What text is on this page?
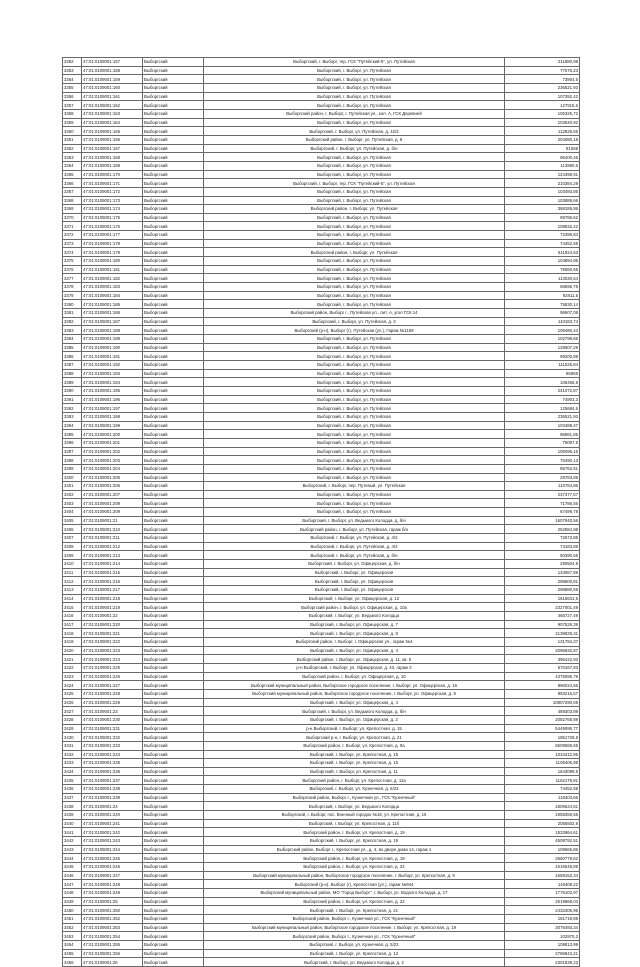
3352	47:01:0109001:157	Выборгский	Выборгский, г. Выборг, тер. ГСК "Путейский-5", ул. Путейская	211880,98
3353	47:01:0109001:158	Выборгский	Выборгский, г. Выборг, ул. Путейская	77575,23
3354	47:01:0109001:159	Выборгский	Выборгский, г. Выборг, ул. Путейская	73904,5
3355	47:01:0109001:160	Выборгский	Выборгский, г. Выборг, ул. Путейская	236521,93
3356	47:01:0109001:161	Выборгский	Выборгский, г. Выборг, ул. Путейская	107392,42
3357	47:01:0109001:162	Выборгский	Выборгский, г. Выборг, ул. Путейская	127915,6
3358	47:01:0109001:163	Выборгский	Выборгский район, г. Выборг, г. Путейская ул., кол. А, ГСК Деревней	105325,72
3359	47:01:0109001:164	Выборгский	Выборгский, г. Выборг, ул. Путейская	103540,92
3360	47:01:0109001:165	Выборгский	Выборгский, г. Выборг, ул. Путейская, д. 42/2	112829,56
3361	47:01:0109001:166	Выборгский	Выборгский район, г. Выборг, ул. Путейская, д. 8	204080,18
3362	47:01:0109001:167	Выборгский	Выборгский, г. Выборг, ул. Путейская, д. б/н	81558
3363	47:01:0109001:168	Выборгский	Выборгский, г. Выборг, ул. Путейская	96400,46
3364	47:01:0109001:169	Выборгский	Выборгский, г. Выборг, ул. Путейская	113980,6
3365	47:01:0109001:170	Выборгский	Выборгский, г. Выборг, ул. Путейская	124498,91
3366	47:01:0109001:171	Выборгский	Выборгский, г. Выборг, тер. ГСК "Путейский-5", ул. Путейская	210384,29
3367	47:01:0109001:172	Выборгский	Выборгский, г. Выборг, ул. Путейская	103493,85
3368	47:01:0109001:173	Выборгский	Выборгский, г. Выборг, ул. Путейская	103889,66
3369	47:01:0109001:174	Выборгский	Выборгский район, г. Выборг, ул. Путейская	368185,86
3370	47:01:0109001:175	Выборгский	Выборгский, г. Выборг, ул. Путейская	99786,52
3371	47:01:0109001:176	Выборгский	Выборгский, г. Выборг, ул. Путейская	108832,42
3372	47:01:0109001:177	Выборгский	Выборгский, г. Выборг, ул. Путейская	72399,84
3373	47:01:0109001:178	Выборгский	Выборгский, г. Выборг, ул. Путейская	74452,58
3374	47:01:0109001:179	Выборгский	Выборгский район, г. Выборг, ул. Путейская	611924,53
3375	47:01:0109001:180	Выборгский	Выборгский, г. Выборг, ул. Путейская	104894,95
3376	47:01:0109001:181	Выборгский	Выборгский, г. Выборг, ул. Путейская	79060,65
3377	47:01:0109001:182	Выборгский	Выборгский, г. Выборг, ул. Путейская	113030,64
3378	47:01:0109001:183	Выборгский	Выборгский, г. Выборг, ул. Путейская	68696,78
3379	47:01:0109001:184	Выборгский	Выборгский, г. Выборг, ул. Путейская	92811,5
3380	47:01:0109001:185	Выборгский	Выборгский, г. Выборг, ул. Путейская	75830,14
3381	47:01:0109001:186	Выборгский	Выборгский район, Выборг г., Путейская ул., лит. А, угол ГСК 14	98607,08
3382	47:01:0109001:187	Выборгский	Выборгский, г. Выборг, ул. Путейская, д. 3	110183,74
3383	47:01:0109001:188	Выборгский	Выборгский (р-н), Выборг (г), Путейская (ул.), Гараж №1169	109480,44
3384	47:01:0109001:189	Выборгский	Выборгский, г. Выборг, ул. Путейская	102799,66
3385	47:01:0109001:190	Выборгский	Выборгский, г. Выборг, ул. Путейская	128507,29
3386	47:01:0109001:191	Выборгский	Выборгский, г. Выборг, ул. Путейская	99200,89
3387	47:01:0109001:192	Выборгский	Выборгский, г. Выборг, ул. Путейская	111525,84
3388	47:01:0109001:193	Выборгский	Выборгский, г. Выборг, ул. Путейская	85968
3389	47:01:0109001:194	Выборгский	Выборгский, г. Выборг, ул. Путейская	106456,8
3390	47:01:0109001:195	Выборгский	Выборгский, г. Выборг, ул. Путейская	241072,87
3391	47:01:0109001:196	Выборгский	Выборгский, г. Выборг, ул. Путейская	74903,3
3392	47:01:0109001:197	Выборгский	Выборгский, г. Выборг, ул. Путейская	125684,6
3393	47:01:0109001:198	Выборгский	Выборгский, г. Выборг, ул. Путейская	236521,93
3394	47:01:0109001:199	Выборгский	Выборгский, г. Выборг, ул. Путейская	103488,47
3395	47:01:0109001:200	Выборгский	Выборгский, г. Выборг, ул. Путейская	96981,85
3396	47:01:0109001:201	Выборгский	Выборгский, г. Выборг, ул. Путейская	79097,9
3397	47:01:0109001:202	Выборгский	Выборгский, г. Выборг, ул. Путейская	106096,16
3398	47:01:0109001:203	Выборгский	Выборгский, г. Выборг, ул. Путейская	75490,13
3399	47:01:0109001:204	Выборгский	Выборгский, г. Выборг, ул. Путейская	86762,61
3400	47:01:0109001:205	Выборгский	Выборгский, г. Выборг, ул. Путейская	29783,89
3401	47:01:0109001:206	Выборгский	Выборгский, г. Выборг, пер. Путевый, ул. Путейская	116764,86
3402	47:01:0109001:207	Выборгский	Выборгский, г. Выборг, ул. Путейская	237377,67
3403	47:01:0109001:208	Выборгский	Выборгский, г. Выборг, ул. Путейская	71786,56
3404	47:01:0109001:209	Выборгский	Выборгский, г. Выборг, ул. Путейская	67499,78
3405	47:01:0109001:21	Выборгский	Выборгский, г. Выборг, ул. Ведьмого Колодца, д. б/н	1607940,56
3406	47:01:0109001:210	Выборгский	Выборгский район, г. Выборг, ул. Путейская, гараж б/н	252584,98
3407	47:01:0109001:211	Выборгский	Выборгский, г. Выборг, ул. Путейская, д. 4/2	72673,85
3408	47:01:0109001:212	Выборгский	Выборгский, г. Выборг, ул. Путейская, д. 4/2	74183,88
3409	47:01:0109001:213	Выборгский	Выборгский, г. Выборг, ул. Путейская, д. б/н	80390,65
3410	47:01:0109001:214	Выборгский	Выборгский, г. Выборг, ул. Офицерская, д. б/н	290504,9
3411	47:01:0109001:215	Выборгский	Выборгский, г. Выборг, ул. Офицерская	134067,89
3412	47:01:0109001:216	Выборгский	Выборгский, г. Выборг, ул. Офицерская	299800,81
3413	47:01:0109001:217	Выборгский	Выборгский, г. Выборг, ул. Офицерская	298880,59
3414	47:01:0109001:218	Выборгский	Выборгский, г. Выборг, ул. Офицерская, д. 12	1615631,5
3415	47:01:0109001:219	Выборгский	Выборгский район, г. Выборг, ул. Офицерская, д. 10а	2327001,49
3416	47:01:0109001:22	Выборгский	Выборгский, г. Выборг, ул. Ведьмого Колодца	466727,49
3417	47:01:0109001:220	Выборгский	Выборгский, г. Выборг, ул. Офицерская, д. 7	907529,39
3418	47:01:0109001:221	Выборгский	Выборгский, г. Выборг, ул. Офицерская, д. 8	2139829,31
3419	47:01:0109001:222	Выборгский	Выборгский район, г. Выборг, г. Офицерская ул., гараж №4	131794,37
3420	47:01:0109001:223	Выборгский	Выборгский, г. Выборг, ул. Офицерская, д. 4	2096832,87
3421	47:01:0109001:224	Выборгский	Выборгский район, г. Выборг, ул. Офицерская, д. 11, кв. 5	396422,93
3422	47:01:0109001:225	Выборгский	р-н Выборгский, г. Выборг, ул. Офицерская, д. 43, гараж 3	570167,83
3423	47:01:0109001:226	Выборгский	Выборгский район, г. Выборг, ул. Офицерская, д. 10	4375095,79
3424	47:01:0109001:227	Выборгский	Выборгский муниципальный район, Выборгское городское поселение, г. Выборг, ул. Офицерская, д. 16	896024,66
3425	47:01:0109001:228	Выборгский	Выборгский муниципальный район, Выборгское городское поселение, г. Выборг, ул. Офицерская, д. 9	993216,57
3426	47:01:0109001:229	Выборгский	Выборгский, г. Выборг, ул. Офицерская, д. 4	10807290,69
3427	47:01:0109001:23	Выборгский	Выборгский, г. Выборг, ул. Ведьмого Колодца, д. б/н	489303,89
3428	47:01:0109001:230	Выборгский	Выборгский, г. Выборг, ул. Офицерская, д. 2	2082768,89
3429	47:01:0109001:231	Выборгский	р-н Выборгский, г. Выборг, ул. Крепостная, д. 15	5449095,77
3430	47:01:0109001:232	Выборгский	Выборгский р-н, г. Выборг, ул. Крепостная, д. 21	1951729,8
3431	47:01:0109001:233	Выборгский	Выборгский район, г. Выборг, ул. Крепостная, д. 9а	6509559,55
3432	47:01:0109001:234	Выборгский	Выборгский, г. Выборг, ул. Крепостная, д. 15	1034412,95
3433	47:01:0109001:235	Выборгский	Выборгский, г. Выборг, ул. Крепостная, д. 15	1108406,98
3434	47:01:0109001:236	Выборгский	Выборгский, г. Выборг, ул. Крепостная, д. 11	1643089,5
3435	47:01:0109001:237	Выборгский	Выборгский район, г. Выборг, ул. Крепостная, д. 11а	1162179,81
3436	47:01:0109001:238	Выборгский	Выборгский, г. Выборг, ул. Кузнечная, д. 5/23	74452,58
3437	47:01:0109001:239	Выборгский	Выборгский район, Выборг г., Кузнечная ул., ГСК "Кузнечный"	118403,66
3438	47:01:0109001:24	Выборгский	Выборгский, г. Выборг, ул. Ведьмого Колодца	1809624,81
3439	47:01:0109001:240	Выборгский	Выборгский, г. Выборг, пос. Военный городок №16, ул. Крепостная, д. 16	1958359,55
3440	47:01:0109001:241	Выборгский	Выборгский, г. Выборг, ул. Крепостная, д. 11б	2056502,9
3441	47:01:0109001:242	Выборгский	Выборгский район, г. Выборг, ул. Крепостная, д. 19	1533964,61
3442	47:01:0109001:243	Выборгский	Выборгский, г. Выборг, ул. Крепостная, д. 19	4508792,51
3443	47:01:0109001:244	Выборгский	Выборгский район, Выборг г., Крепостная ул., д. 4, во дворе дома 14, гараж 1	109565,86
3444	47:01:0109001:245	Выборгский	Выборгский район, г. Выборг, ул. Крепостная, д. 19	2660778,62
3445	47:01:0109001:246	Выборгский	Выборгский район, г. Выборг, ул. Крепостная, д. 24	1616548,89
3446	47:01:0109001:247	Выборгский	Выборгский муниципальный район, Выборгское городское поселение, г. Выборг, ул. Крепостная, д. 9	1659152,34
3447	47:01:0109001:248	Выборгский	Выборгский (р-н), Выборг (г), Крепостная (ул.), гараж №944	119408,22
3448	47:01:0109001:249	Выборгский	Выборгский муниципальный район, МО "Город Выборг", г. Выборг, ул. Водного Колодца, д. 17	1776102,97
3449	47:01:0109001:25	Выборгский	Выборгский район, г. Выборг, ул. Крепостная, д. 22	2519868,04
3450	47:01:0109001:250	Выборгский	Выборгский, г. Выборг, ул. Крепостная, д. 21	2432305,95
3451	47:01:0109001:252	Выборгский	Выборгский район, Выборг г., Кузнечная ул., ГСК "Кузнечный"	161718,89
3452	47:01:0109001:253	Выборгский	Выборгский муниципальный район, Выборгское городское поселение, г. Выборг, ул. Крепостная, д. 19	3075493,34
3453	47:01:0109001:254	Выборгский	Выборгский район, Выборг г., Кузнечная ул., ГСК "Кузнечный"	102970,3
3454	47:01:0109001:255	Выборгский	Выборгский, г. Выборг, ул. Кузнечная, д. 5/23	109813,99
3455	47:01:0109001:256	Выборгский	Выборгский, г. Выборг, ул. Крепостная, д. 13	2786843,21
3456	47:01:0109001:26	Выборгский	Выборгский, г. Выборг, ул. Ведьмого Колодца, д. 2	2301839,23
